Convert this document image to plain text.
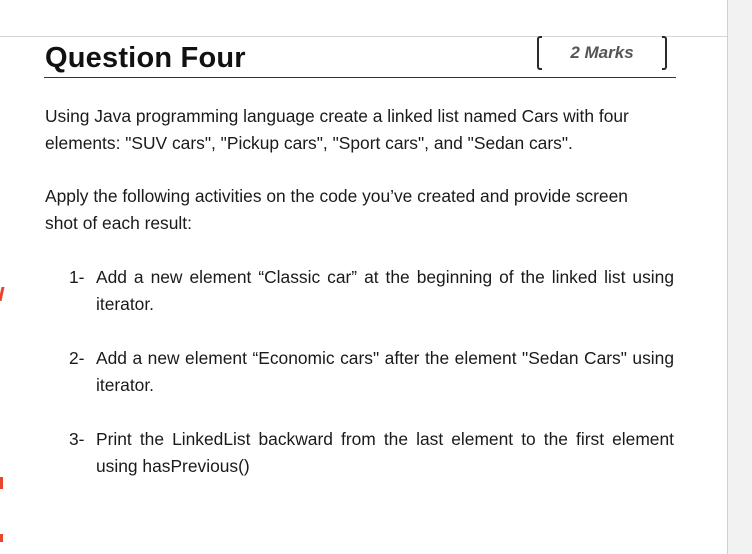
Question Four	2 Marks

Using Java programming language create a linked list named Cars with four elements: "SUV cars", "Pickup cars", "Sport cars", and "Sedan cars".

Apply the following activities on the code you’ve created and provide screen shot of each result:

1- Add a new element “Classic car” at the beginning of the linked list using iterator.
2- Add a new element “Economic cars" after the element "Sedan Cars" using iterator.
3- Print the LinkedList backward from the last element to the first element using hasPrevious()
